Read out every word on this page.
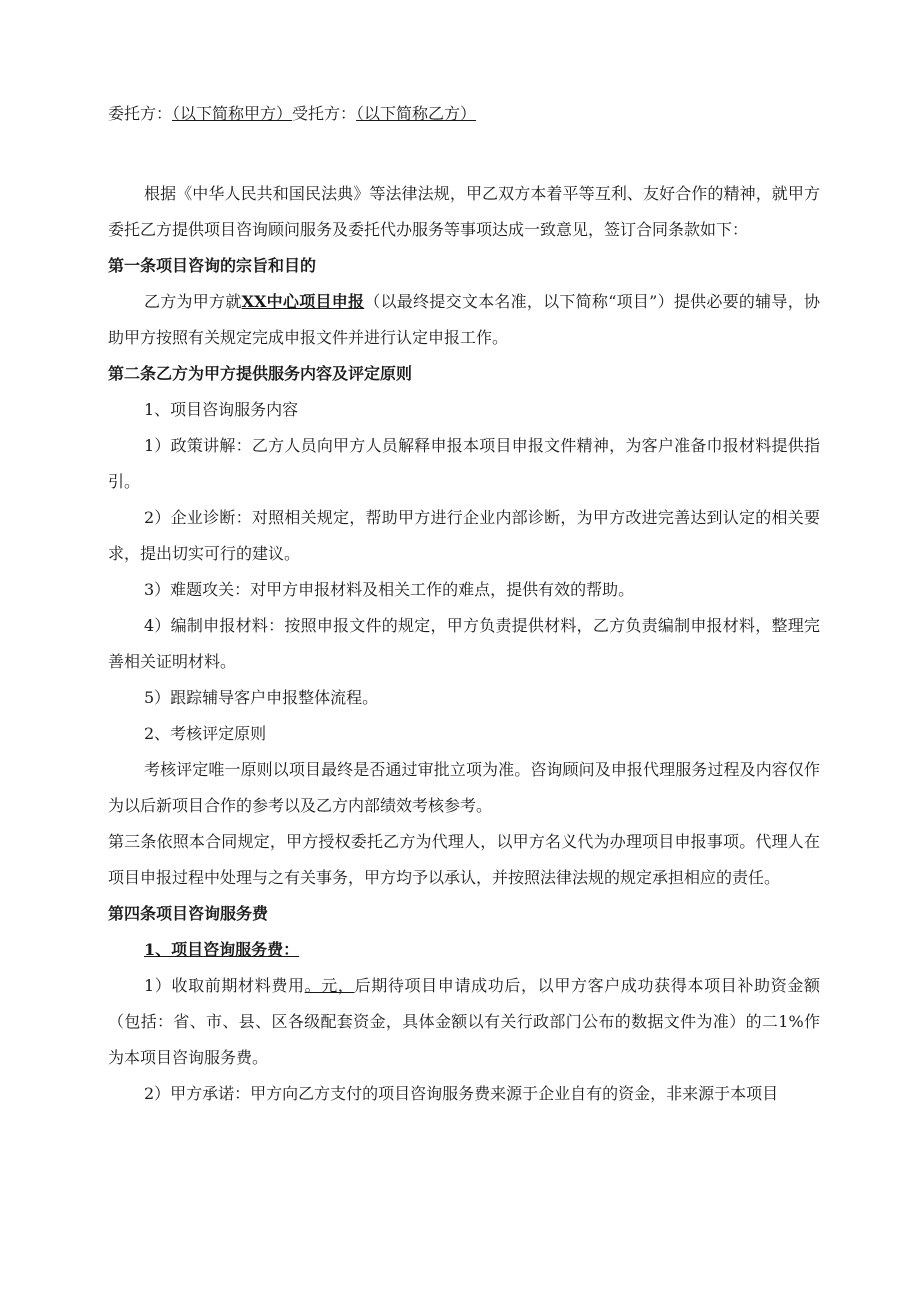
委托方：（以下简称甲方）受托方：（以下简称乙方）

根据《中华人民共和国民法典》等法律法规，甲乙双方本着平等互利、友好合作的精神，就甲方委托乙方提供项目咨询顾问服务及委托代办服务等事项达成一致意见，签订合同条款如下：

第一条项目咨询的宗旨和目的

乙方为甲方就XX中心项目申报（以最终提交文本名准，以下简称“项目”）提供必要的辅导，协助甲方按照有关规定完成申报文件并进行认定申报工作。

第二条乙方为甲方提供服务内容及评定原则

1、项目咨询服务内容

1）政策讲解：乙方人员向甲方人员解释申报本项目申报文件精神，为客户准备巾报材料提供指引。

2）企业诊断：对照相关规定，帮助甲方进行企业内部诊断，为甲方改进完善达到认定的相关要求，提出切实可行的建议。

3）难题攻关：对甲方申报材料及相关工作的难点，提供有效的帮助。

4）编制申报材料：按照申报文件的规定，甲方负责提供材料，乙方负责编制申报材料，整理完善相关证明材料。

5）跟踪辅导客户申报整体流程。

2、考核评定原则

考核评定唯一原则以项目最终是否通过审批立项为准。咨询顾问及申报代理服务过程及内容仅作为以后新项目合作的参考以及乙方内部绩效考核参考。

第三条依照本合同规定，甲方授权委托乙方为代理人，以甲方名义代为办理项目申报事项。代理人在项目申报过程中处理与之有关事务，甲方均予以承认，并按照法律法规的规定承担相应的责任。

第四条项目咨询服务费

1、项目咨询服务费：

1）收取前期材料费用。元，后期待项目申请成功后，以甲方客户成功获得本项目补助资金额（包括：省、市、县、区各级配套资金，具体金额以有关行政部门公布的数据文件为准）的二1%作为本项目咨询服务费。

2）甲方承诺：甲方向乙方支付的项目咨询服务费来源于企业自有的资金，非来源于本项目
